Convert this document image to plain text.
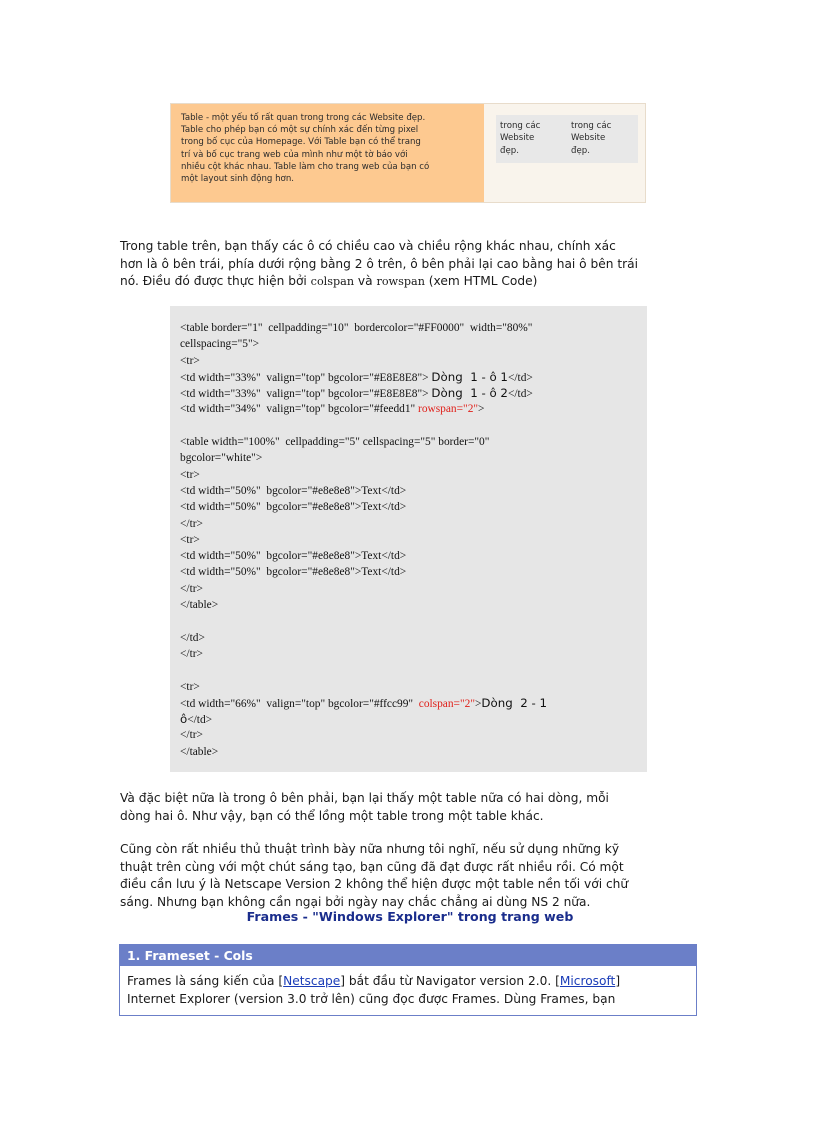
Table - một yếu tố rất quan trong trong các Website đẹp.
Table cho phép bạn có một sự chính xác đến từng pixel
trong bố cục của Homepage. Với Table bạn có thể trang
trí và bố cục trang web của mình như một tờ báo với
nhiều cột khác nhau. Table làm cho trang web của bạn có
một layout sinh động hơn.
trong các
Website
đẹp.
trong các
Website
đẹp.
Trong table trên, bạn thấy các ô có chiều cao và chiều rộng khác nhau, chính xác
hơn là ô bên trái, phía dưới rộng bằng 2 ô trên, ô bên phải lại cao bằng hai ô bên trái
nó. Điều đó được thực hiện bởi colspan và rowspan (xem HTML Code)
<table border="1"  cellpadding="10"  bordercolor="#FF0000"  width="80%"
cellspacing="5">
<tr>
<td width="33%"  valign="top" bgcolor="#E8E8E8"> Dòng  1 - ô 1</td>
<td width="33%"  valign="top" bgcolor="#E8E8E8"> Dòng  1 - ô 2</td>
<td width="34%"  valign="top" bgcolor="#feedd1" rowspan="2">
<table width="100%"  cellpadding="5" cellspacing="5" border="0"
bgcolor="white">
<tr>
<td width="50%"  bgcolor="#e8e8e8">Text</td>
<td width="50%"  bgcolor="#e8e8e8">Text</td>
</tr>
<tr>
<td width="50%"  bgcolor="#e8e8e8">Text</td>
<td width="50%"  bgcolor="#e8e8e8">Text</td>
</tr>
</table>
</td>
</tr>
<tr>
<td width="66%"  valign="top" bgcolor="#ffcc99"  colspan="2">Dòng  2 - 1
ô</td>
</tr>
</table>
Và đặc biệt nữa là trong ô bên phải, bạn lại thấy một table nữa có hai dòng, mỗi
dòng hai ô. Như vậy, bạn có thể lồng một table trong một table khác.
Cũng còn rất nhiều thủ thuật trình bày nữa nhưng tôi nghĩ, nếu sử dụng những kỹ
thuật trên cùng với một chút sáng tạo, bạn cũng đã đạt được rất nhiều rồi. Có một
điều cần lưu ý là Netscape Version 2 không thể hiện được một table nền tối với chữ
sáng. Nhưng bạn không cần ngại bởi ngày nay chắc chẳng ai dùng NS 2 nữa.
Frames - "Windows Explorer" trong trang web
1. Frameset - Cols
Frames là sáng kiến của [Netscape] bắt đầu từ Navigator version 2.0. [Microsoft]
Internet Explorer (version 3.0 trở lên) cũng đọc được Frames. Dùng Frames, bạn
